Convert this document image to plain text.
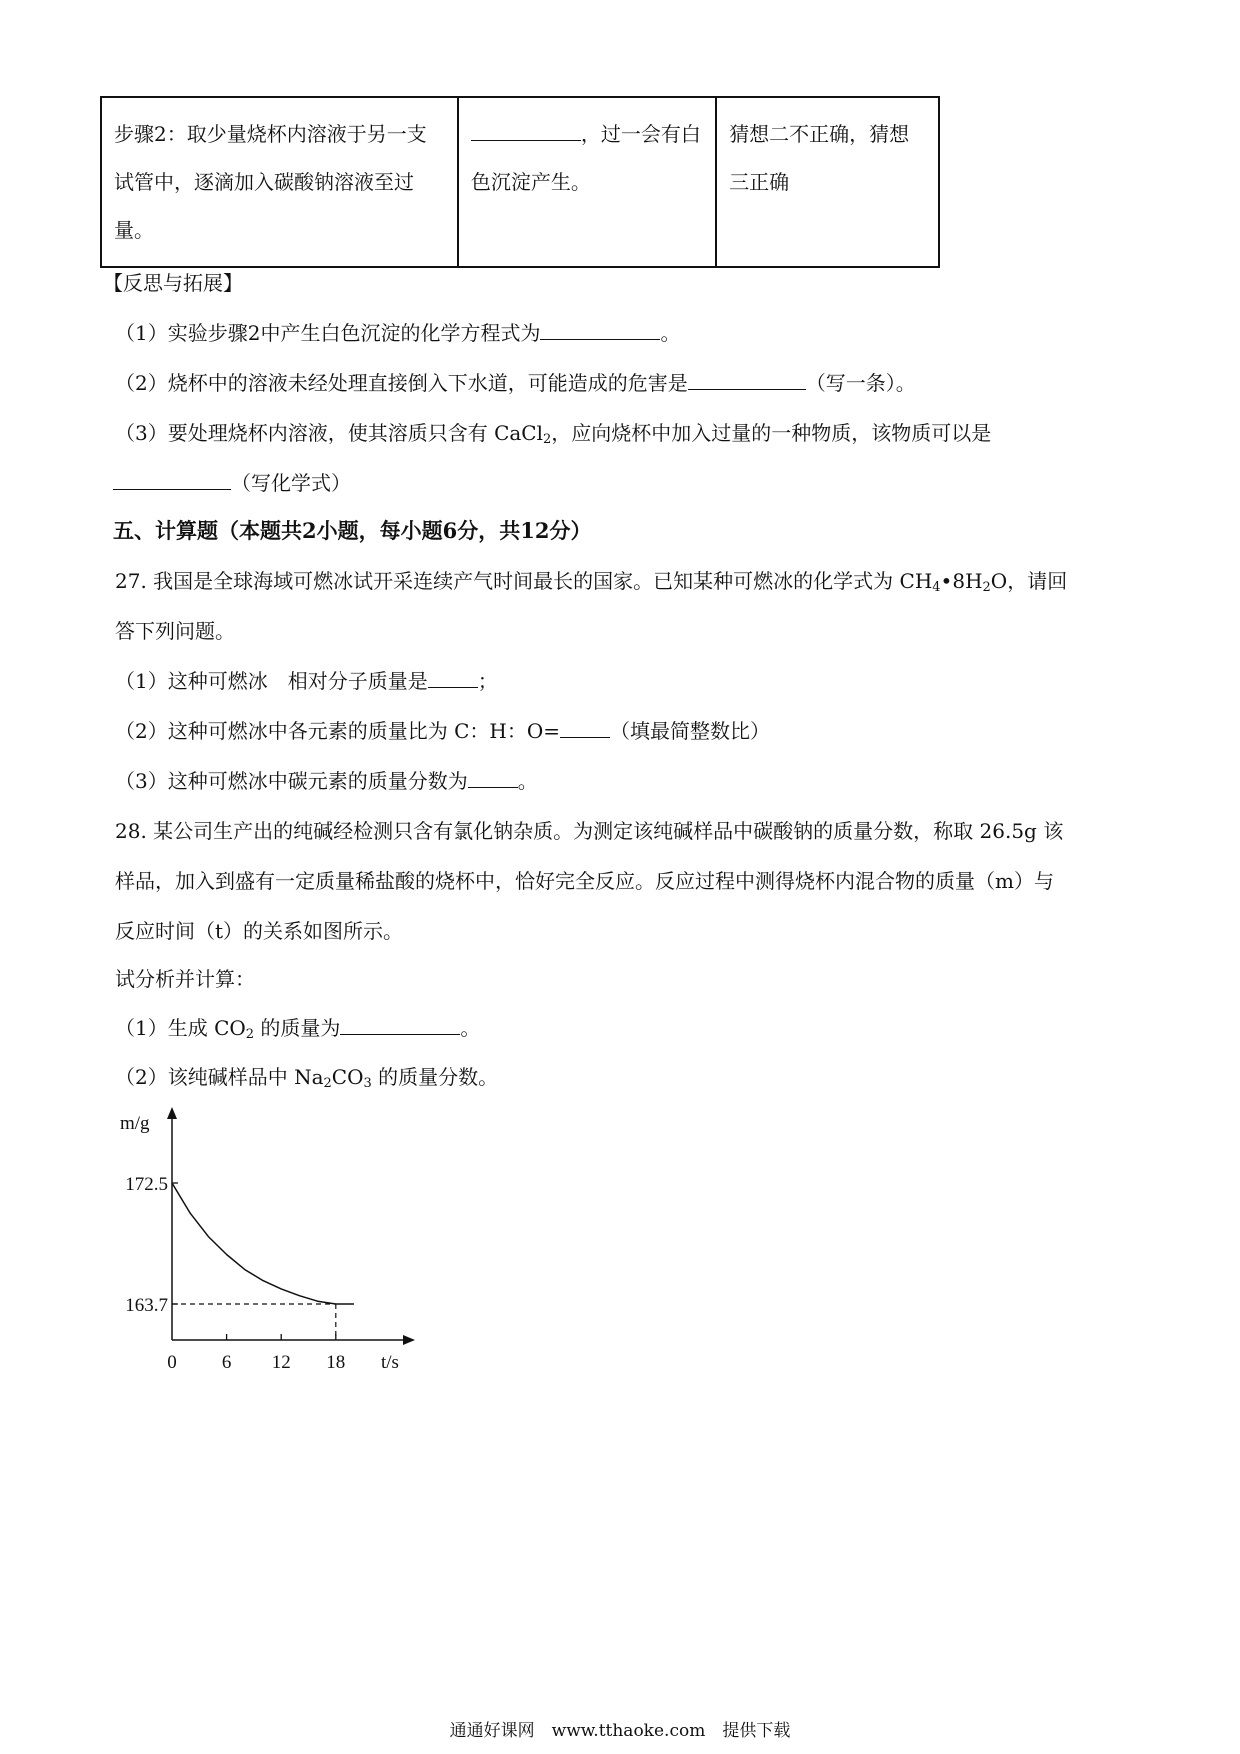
步骤2：取少量烧杯内溶液于另一支试管中，逐滴加入碳酸钠溶液至过量。	，过一会有白色沉淀产生。	猜想二不正确，猜想三正确
【反思与拓展】
（1）实验步骤2中产生白色沉淀的化学方程式为	。
（2）烧杯中的溶液未经处理直接倒入下水道，可能造成的危害是	（写一条）。
（3）要处理烧杯内溶液，使其溶质只含有 CaCl$_2$，应向烧杯中加入过量的一种物质，该物质可以是
（写化学式）
五、计算题（本题共2小题，每小题6分，共12分）
27. 我国是全球海域可燃冰试开采连续产气时间最长的国家。已知某种可燃冰的化学式为 $CH_4•8H_2O$，请回
答下列问题。
（1）这种可燃冰　相对分子质量是	；
（2）这种可燃冰中各元素的质量比为 C：H：O=	（填最简整数比）
（3）这种可燃冰中碳元素的质量分数为	。
28. 某公司生产出的纯碱经检测只含有氯化钠杂质。为测定该纯碱样品中碳酸钠的质量分数，称取 26.5g 该
样品，加入到盛有一定质量稀盐酸的烧杯中，恰好完全反应。反应过程中测得烧杯内混合物的质量（m）与
反应时间（t）的关系如图所示。
试分析并计算：
（1）生成 $CO_2$ 的质量为	。
（2）该纯碱样品中 $Na_2CO_3$ 的质量分数。
m/g
t/s
0 6 12 18
172.5
163.7
通通好课网　www.tthaoke.com　提供下载
